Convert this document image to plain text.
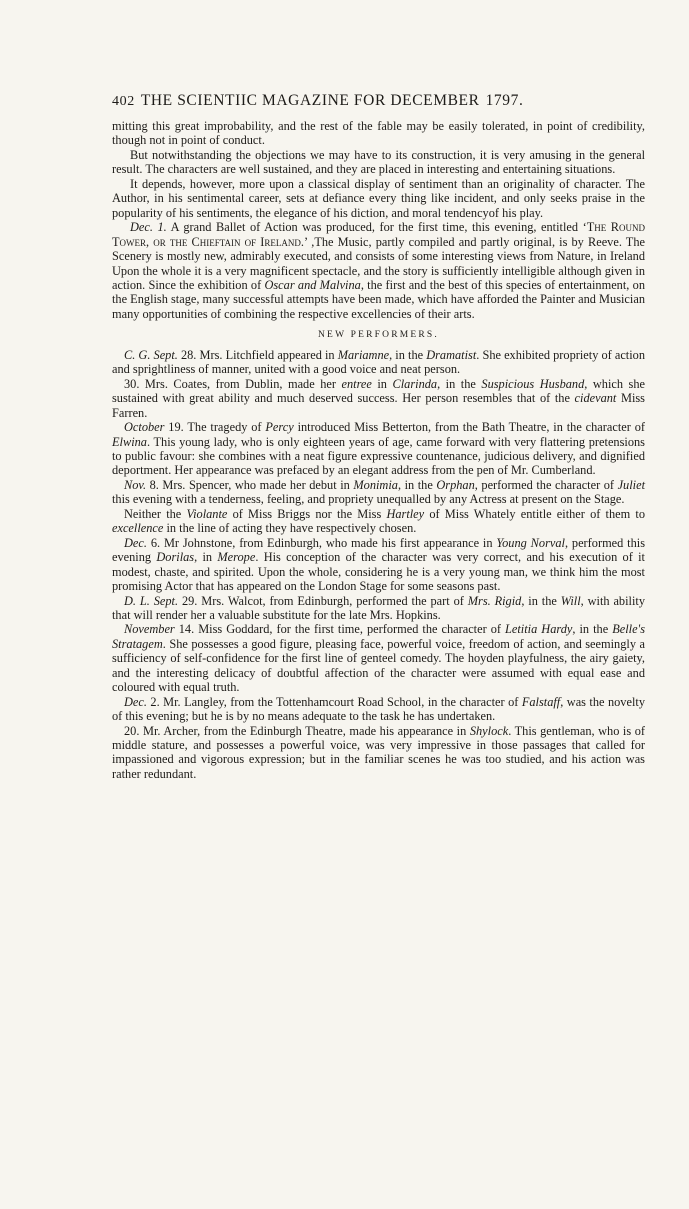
402 THE SCIENTIIC MAGAZINE FOR DECEMBER 1797.

mitting this great improbability, and the rest of the fable may be easily tolerated, in point of credibility, though not in point of conduct.

But notwithstanding the objections we may have to its construction, it is very amusing in the general result. The characters are well sustained, and they are placed in interesting and entertaining situations.

It depends, however, more upon a classical display of sentiment than an originality of character. The Author, in his sentimental career, sets at defiance every thing like incident, and only seeks praise in the popularity of his sentiments, the elegance of his diction, and moral tendencyof his play.

Dec. 1. A grand Ballet of Action was produced, for the first time, this evening, entitled ‘The Round Tower, or the Chieftain of Ireland.’ ,The Music, partly compiled and partly original, is by Reeve. The Scenery is mostly new, admirably executed, and consists of some interesting views from Nature, in Ireland Upon the whole it is a very magnificent spectacle, and the story is sufficiently intelligible although given in action. Since the exhibition of Oscar and Malvina, the first and the best of this species of entertainment, on the English stage, many successful attempts have been made, which have afforded the Painter and Musician many opportunities of combining the respective excellencies of their arts.

NEW PERFORMERS.

C. G. Sept. 28. Mrs. Litchfield appeared in Mariamne, in the Dramatist. She exhibited propriety of action and sprightliness of manner, united with a good voice and neat person.

30. Mrs. Coates, from Dublin, made her entree in Clarinda, in the Suspicious Husband, which she sustained with great ability and much deserved success. Her person resembles that of the cidevant Miss Farren.

October 19. The tragedy of Percy introduced Miss Betterton, from the Bath Theatre, in the character of Elwina. This young lady, who is only eighteen years of age, came forward with very flattering pretensions to public favour: she combines with a neat figure expressive countenance, judicious delivery, and dignified deportment. Her appearance was prefaced by an elegant address from the pen of Mr. Cumberland.

Nov. 8. Mrs. Spencer, who made her debut in Monimia, in the Orphan, performed the character of Juliet this evening with a tenderness, feeling, and propriety unequalled by any Actress at present on the Stage.

Neither the Violante of Miss Briggs nor the Miss Hartley of Miss Whately entitle either of them to excellence in the line of acting they have respectively chosen.

Dec. 6. Mr Johnstone, from Edinburgh, who made his first appearance in Young Norval, performed this evening Dorilas, in Merope. His conception of the character was very correct, and his execution of it modest, chaste, and spirited. Upon the whole, considering he is a very young man, we think him the most promising Actor that has appeared on the London Stage for some seasons past.

D. L. Sept. 29. Mrs. Walcot, from Edinburgh, performed the part of Mrs. Rigid, in the Will, with ability that will render her a valuable substitute for the late Mrs. Hopkins.

November 14. Miss Goddard, for the first time, performed the character of Letitia Hardy, in the Belle's Stratagem. She possesses a good figure, pleasing face, powerful voice, freedom of action, and seemingly a sufficiency of self-confidence for the first line of genteel comedy. The hoyden playfulness, the airy gaiety, and the interesting delicacy of doubtful affection of the character were assumed with equal ease and coloured with equal truth.

Dec. 2. Mr. Langley, from the Tottenhamcourt Road School, in the character of Falstaff, was the novelty of this evening; but he is by no means adequate to the task he has undertaken.

20. Mr. Archer, from the Edinburgh Theatre, made his appearance in Shylock. This gentleman, who is of middle stature, and possesses a powerful voice, was very impressive in those passages that called for impassioned and vigorous expression; but in the familiar scenes he was too studied, and his action was rather redundant.
